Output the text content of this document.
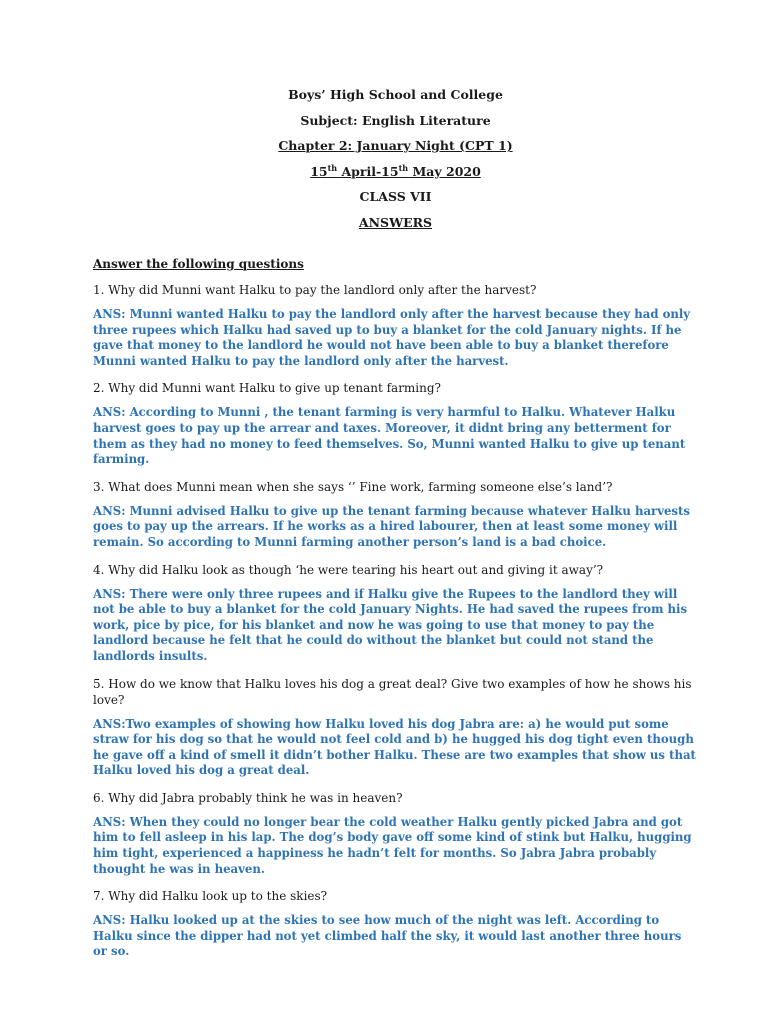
Boys’ High School and College

Subject: English Literature

Chapter 2: January Night (CPT 1)

15th April-15th May 2020

CLASS VII

ANSWERS

Answer the following questions

1. Why did Munni want Halku to pay the landlord only after the harvest?

ANS: Munni wanted Halku to pay the landlord only after the harvest because they had only three rupees which Halku had saved up to buy a blanket for the cold January nights. If he gave that money to the landlord he would not have been able to buy a blanket therefore Munni wanted Halku to pay the landlord only after the harvest.

2. Why did Munni want Halku to give up tenant farming?

ANS: According to Munni , the tenant farming is very harmful to Halku. Whatever Halku harvest goes to pay up the arrear and taxes. Moreover, it didnt bring any betterment for them as they had no money to feed themselves. So, Munni wanted Halku to give up tenant farming.

3. What does Munni mean when she says ‘’ Fine work, farming someone else’s land’?

ANS: Munni advised Halku to give up the tenant farming because whatever Halku harvests goes to pay up the arrears. If he works as a hired labourer, then at least some money will remain. So according to Munni farming another person’s land is a bad choice.

4. Why did Halku look as though ‘he were tearing his heart out and giving it away’?

ANS: There were only three rupees and if Halku give the Rupees to the landlord they will not be able to buy a blanket for the cold January Nights. He had saved the rupees from his work, pice by pice, for his blanket and now he was going to use that money to pay the landlord because he felt that he could do without the blanket but could not stand the landlords insults.

5. How do we know that Halku loves his dog a great deal? Give two examples of how he shows his love?

ANS:Two examples of showing how Halku loved his dog Jabra are: a) he would put some straw for his dog so that he would not feel cold and b) he hugged his dog tight even though he gave off a kind of smell it didn’t bother Halku. These are two examples that show us that Halku loved his dog a great deal.

6. Why did Jabra probably think he was in heaven?

ANS: When they could no longer bear the cold weather Halku gently picked Jabra and got him to fell asleep in his lap. The dog’s body gave off some kind of stink but Halku, hugging him tight, experienced a happiness he hadn’t felt for months. So Jabra Jabra probably thought he was in heaven.

7. Why did Halku look up to the skies?

ANS: Halku looked up at the skies to see how much of the night was left. According to Halku since the dipper had not yet climbed half the sky, it would last another three hours or so.
